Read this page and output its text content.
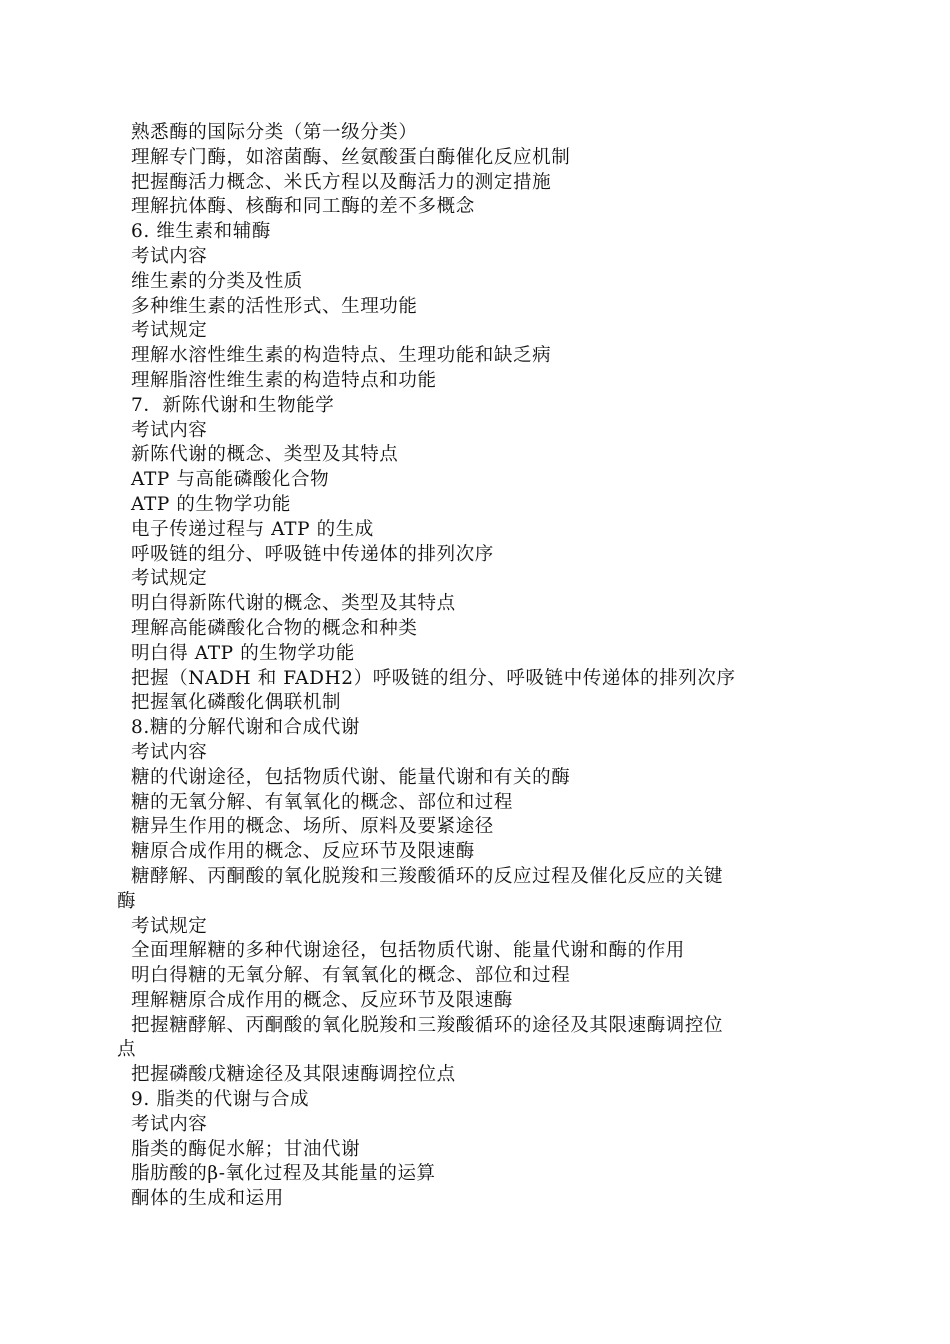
熟悉酶的国际分类（第一级分类）
理解专门酶，如溶菌酶、丝氨酸蛋白酶催化反应机制
把握酶活力概念、米氏方程以及酶活力的测定措施
理解抗体酶、核酶和同工酶的差不多概念
6. 维生素和辅酶
考试内容
维生素的分类及性质
多种维生素的活性形式、生理功能
考试规定
理解水溶性维生素的构造特点、生理功能和缺乏病
理解脂溶性维生素的构造特点和功能
7．新陈代谢和生物能学
考试内容
新陈代谢的概念、类型及其特点
ATP 与高能磷酸化合物
ATP 的生物学功能
电子传递过程与 ATP 的生成
呼吸链的组分、呼吸链中传递体的排列次序
考试规定
明白得新陈代谢的概念、类型及其特点
理解高能磷酸化合物的概念和种类
明白得 ATP 的生物学功能
把握（NADH 和 FADH2）呼吸链的组分、呼吸链中传递体的排列次序
把握氧化磷酸化偶联机制
8.糖的分解代谢和合成代谢
考试内容
糖的代谢途径，包括物质代谢、能量代谢和有关的酶
糖的无氧分解、有氧氧化的概念、部位和过程
糖异生作用的概念、场所、原料及要紧途径
糖原合成作用的概念、反应环节及限速酶
糖酵解、丙酮酸的氧化脱羧和三羧酸循环的反应过程及催化反应的关键
酶
考试规定
全面理解糖的多种代谢途径，包括物质代谢、能量代谢和酶的作用
明白得糖的无氧分解、有氧氧化的概念、部位和过程
理解糖原合成作用的概念、反应环节及限速酶
把握糖酵解、丙酮酸的氧化脱羧和三羧酸循环的途径及其限速酶调控位
点
把握磷酸戊糖途径及其限速酶调控位点
9. 脂类的代谢与合成
考试内容
脂类的酶促水解；甘油代谢
脂肪酸的β-氧化过程及其能量的运算
酮体的生成和运用
